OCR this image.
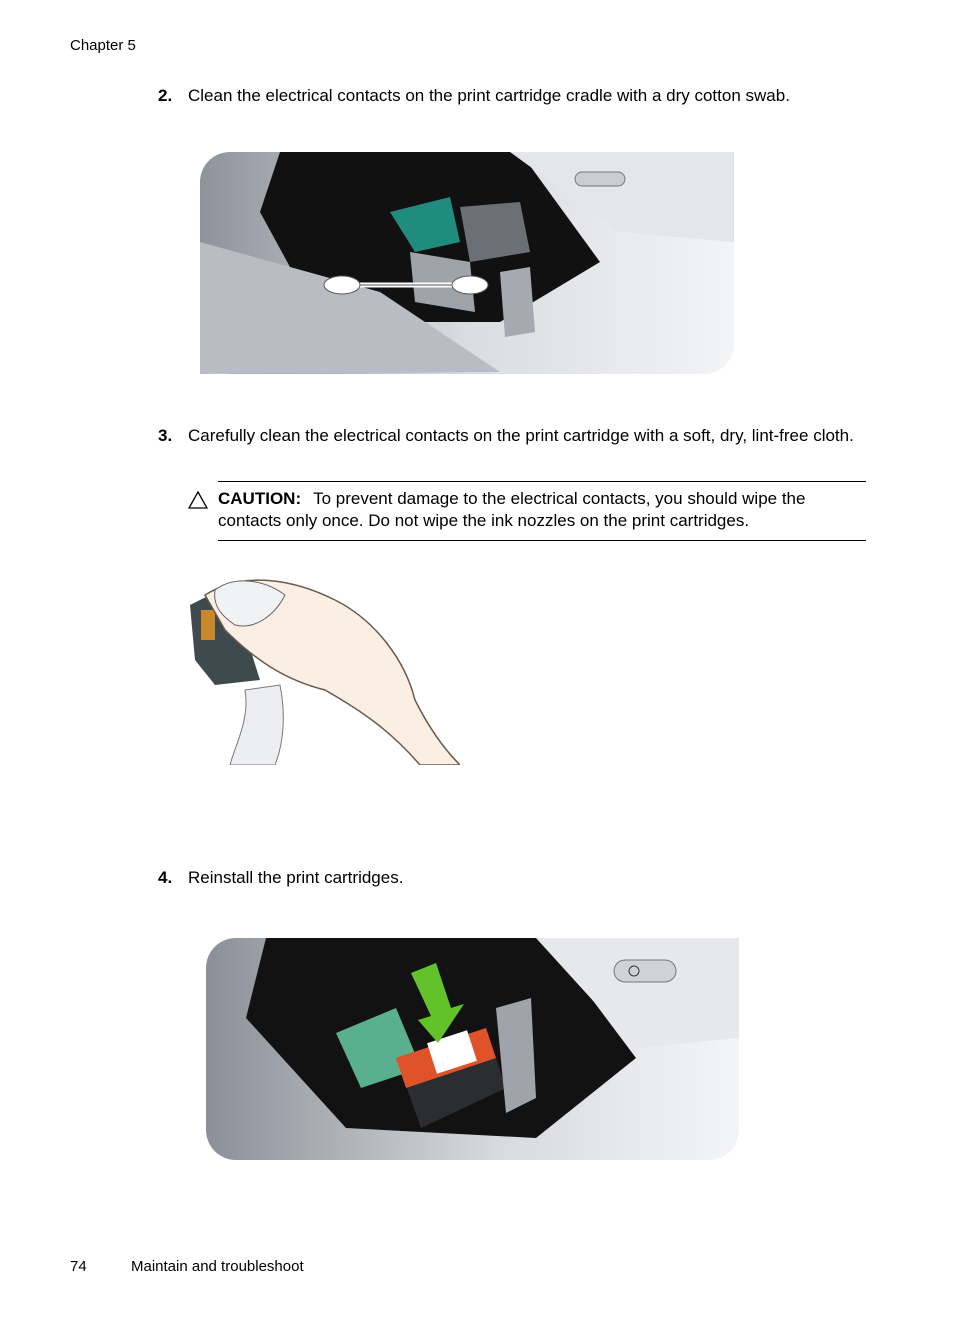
Chapter 5
2. Clean the electrical contacts on the print cartridge cradle with a dry cotton swab.
3. Carefully clean the electrical contacts on the print cartridge with a soft, dry, lint-free cloth.
CAUTION: To prevent damage to the electrical contacts, you should wipe the contacts only once. Do not wipe the ink nozzles on the print cartridges.
4. Reinstall the print cartridges.
74	Maintain and troubleshoot
